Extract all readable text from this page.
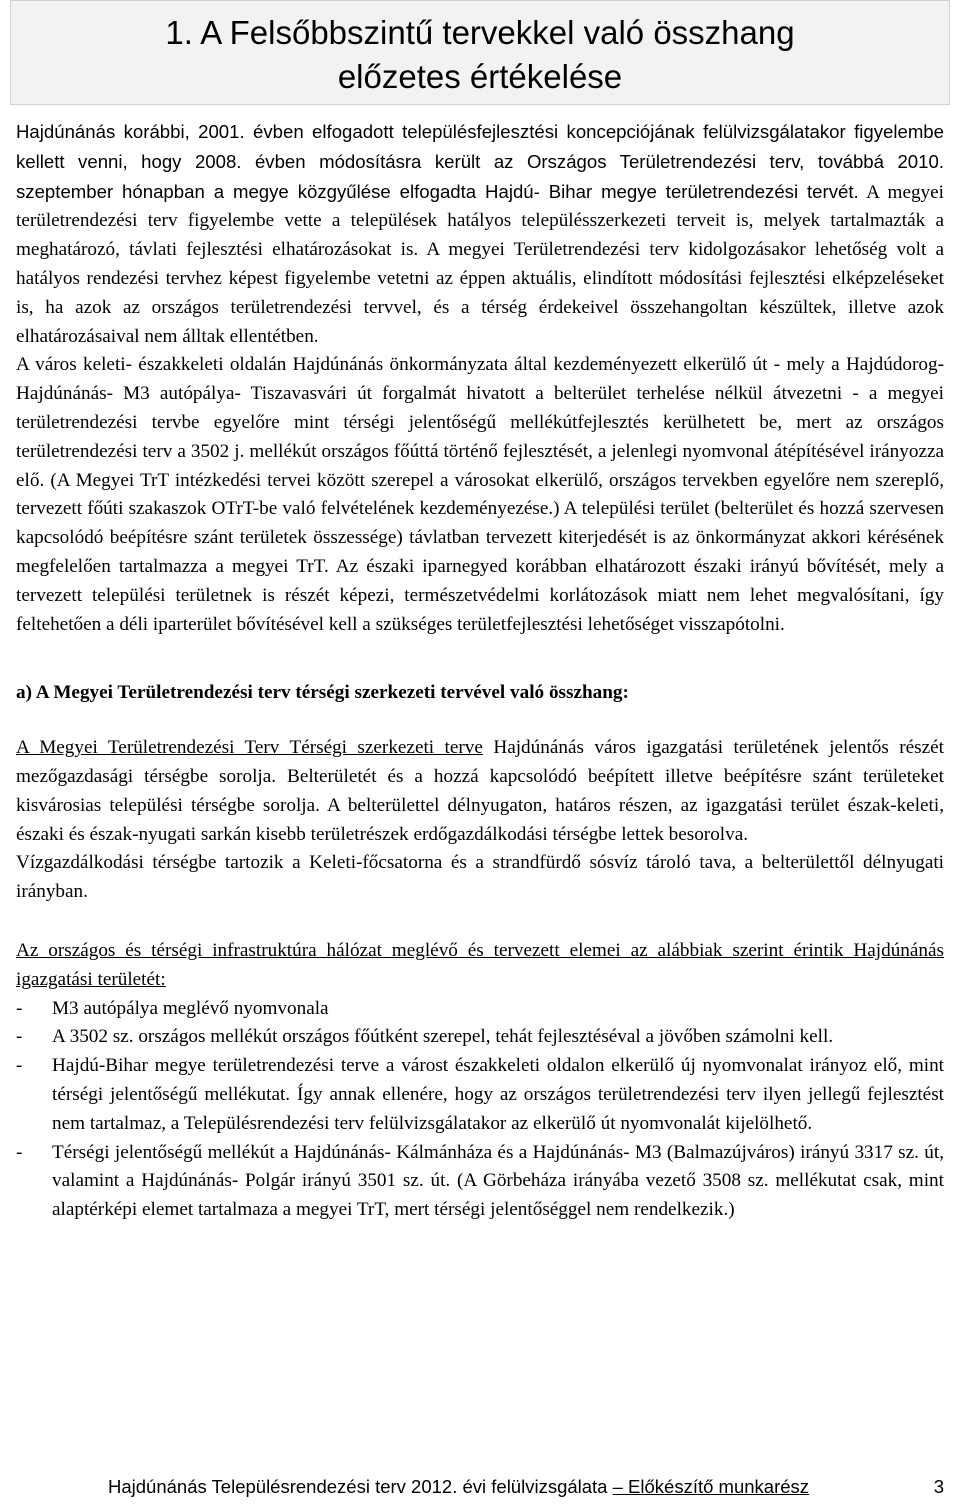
1. A Felsőbbszintű tervekkel való összhang
előzetes értékelése

Hajdúnánás korábbi, 2001. évben elfogadott településfejlesztési koncepciójának felülvizsgálatakor figyelembe kellett venni, hogy 2008. évben módosításra került az Országos Területrendezési terv, továbbá 2010. szeptember hónapban a megye közgyűlése elfogadta Hajdú- Bihar megye területrendezési tervét. A megyei területrendezési terv figyelembe vette a települések hatályos településszerkezeti terveit is, melyek tartalmazták a meghatározó, távlati fejlesztési elhatározásokat is. A megyei Területrendezési terv kidolgozásakor lehetőség volt a hatályos rendezési tervhez képest figyelembe vetetni az éppen aktuális, elindított módosítási fejlesztési elképzeléseket is, ha azok az országos területrendezési tervvel, és a térség érdekeivel összehangoltan készültek, illetve azok elhatározásaival nem álltak ellentétben.

A város keleti- északkeleti oldalán Hajdúnánás önkormányzata által kezdeményezett elkerülő út - mely a Hajdúdorog- Hajdúnánás- M3 autópálya- Tiszavasvári út forgalmát hivatott a belterület terhelése nélkül átvezetni - a megyei területrendezési tervbe egyelőre mint térségi jelentőségű mellékútfejlesztés kerülhetett be, mert az országos területrendezési terv a 3502 j. mellékút országos főúttá történő fejlesztését, a jelenlegi nyomvonal átépítésével irányozza elő. (A Megyei TrT intézkedési tervei között szerepel a városokat elkerülő, országos tervekben egyelőre nem szereplő, tervezett főúti szakaszok OTrT-be való felvételének kezdeményezése.) A települési terület (belterület és hozzá szervesen kapcsolódó beépítésre szánt területek összessége) távlatban tervezett kiterjedését is az önkormányzat akkori kérésének megfelelően tartalmazza a megyei TrT. Az északi iparnegyed korábban elhatározott északi irányú bővítését, mely a tervezett települési területnek is részét képezi, természetvédelmi korlátozások miatt nem lehet megvalósítani, így feltehetően a déli iparterület bővítésével kell a szükséges területfejlesztési lehetőséget visszapótolni.

a) A Megyei Területrendezési terv térségi szerkezeti tervével való összhang:

A Megyei Területrendezési Terv Térségi szerkezeti terve Hajdúnánás város igazgatási területének jelentős részét mezőgazdasági térségbe sorolja. Belterületét és a hozzá kapcsolódó beépített illetve beépítésre szánt területeket kisvárosias települési térségbe sorolja. A belterülettel délnyugaton, határos részen, az igazgatási terület észak-keleti, északi és észak-nyugati sarkán kisebb területrészek erdőgazdálkodási térségbe lettek besorolva.

Vízgazdálkodási térségbe tartozik a Keleti-főcsatorna és a strandfürdő sósvíz tároló tava, a belterülettől délnyugati irányban.

Az országos és térségi infrastruktúra hálózat meglévő és tervezett elemei az alábbiak szerint érintik Hajdúnánás igazgatási területét:

- M3 autópálya meglévő nyomvonala
- A 3502 sz. országos mellékút országos főútként szerepel, tehát fejlesztéséval a jövőben számolni kell.
- Hajdú-Bihar megye területrendezési terve a várost északkeleti oldalon elkerülő új nyomvonalat irányoz elő, mint térségi jelentőségű mellékutat. Így annak ellenére, hogy az országos területrendezési terv ilyen jellegű fejlesztést nem tartalmaz, a Településrendezési terv felülvizsgálatakor az elkerülő út nyomvonalát kijelölhető.
- Térségi jelentőségű mellékút a Hajdúnánás- Kálmánháza és a Hajdúnánás- M3 (Balmazújváros) irányú 3317 sz. út, valamint a Hajdúnánás- Polgár irányú 3501 sz. út. (A Görbeháza irányába vezető 3508 sz. mellékutat csak, mint alaptérképi elemet tartalmaza a megyei TrT, mert térségi jelentőséggel nem rendelkezik.)
Hajdúnánás Településrendezési terv 2012. évi felülvizsgálata – Előkészítő munkarész	3
